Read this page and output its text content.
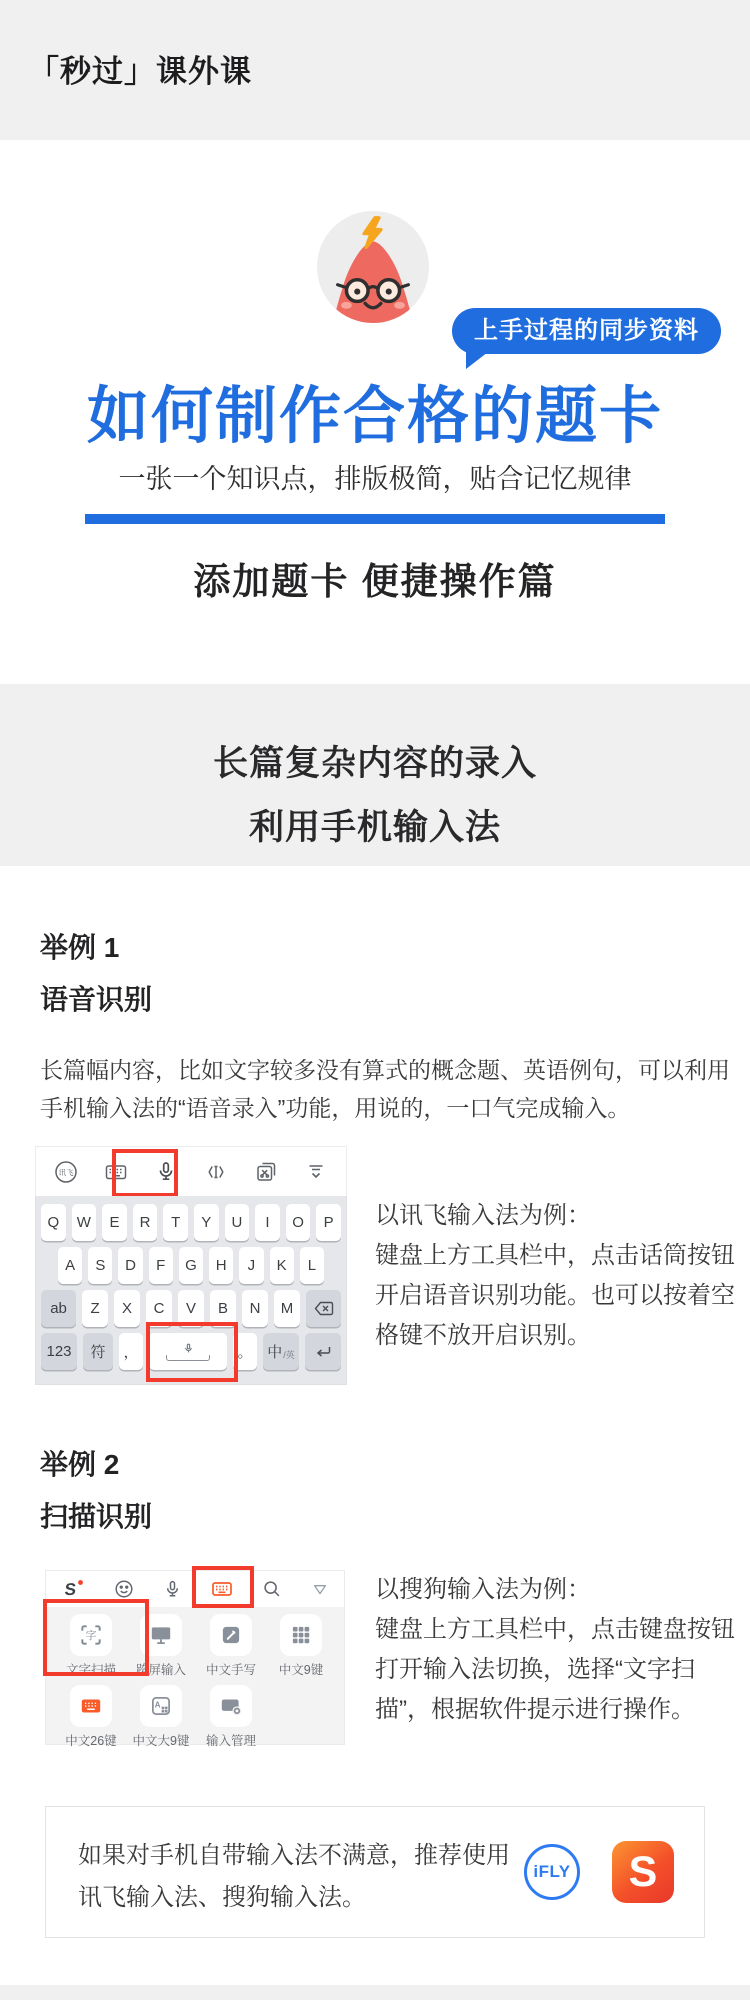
「秒过」课外课
上手过程的同步资料
如何制作合格的题卡
一张一个知识点，排版极简，贴合记忆规律
添加题卡 便捷操作篇
长篇复杂内容的录入
利用手机输入法
举例 1
语音识别
长篇幅内容，比如文字较多没有算式的概念题、英语例句，可以利用
手机输入法的“语音录入”功能，用说的，一口气完成输入。
讯飞
Q	W	E	R	T	Y	U	I	O	P
A	S	D	F	G	H	J	K	L
ab	Z	X	C	V	B	N	M
123	符	，	。 中 /英
以讯飞输入法为例：
键盘上方工具栏中，点击话筒按钮
开启语音识别功能。也可以按着空
格键不放开启识别。
举例 2
扫描识别
S
字
文字扫描 跨屏输入 中文手写 中文9键
中文26键
A
中文大9键 输入管理
以搜狗输入法为例：
键盘上方工具栏中，点击键盘按钮
打开输入法切换，选择“文字扫
描”，根据软件提示进行操作。
如果对手机自带输入法不满意，推荐使用
讯飞输入法、搜狗输入法。
iFLY	S
